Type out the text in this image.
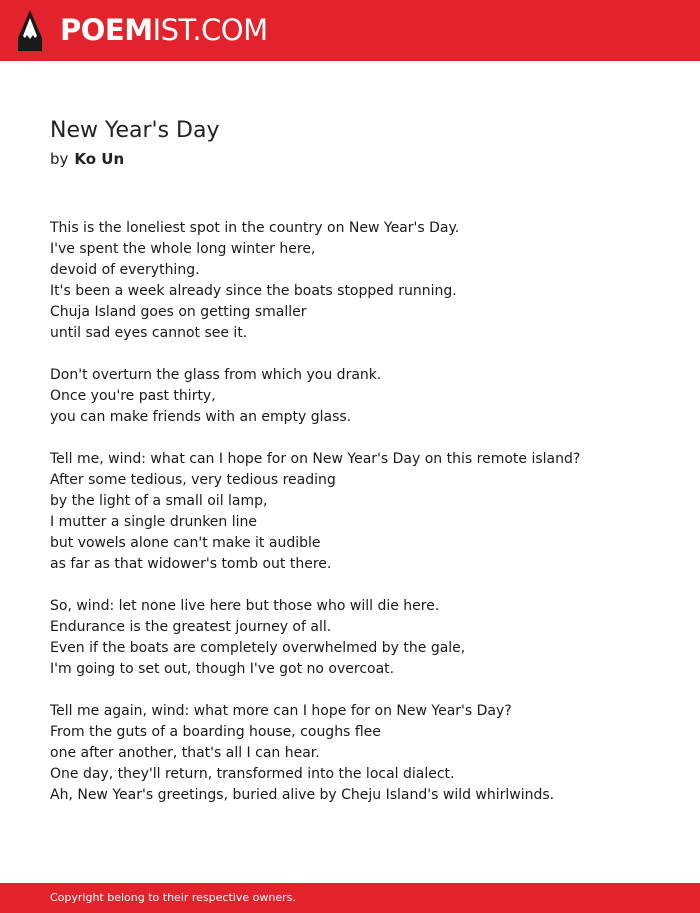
POEMIST.COM
New Year's Day
by Ko Un
This is the loneliest spot in the country on New Year's Day.
I've spent the whole long winter here,
devoid of everything.
It's been a week already since the boats stopped running.
Chuja Island goes on getting smaller
until sad eyes cannot see it.
Don't overturn the glass from which you drank.
Once you're past thirty,
you can make friends with an empty glass.
Tell me, wind: what can I hope for on New Year's Day on this remote island?
After some tedious, very tedious reading
by the light of a small oil lamp,
I mutter a single drunken line
but vowels alone can't make it audible
as far as that widower's tomb out there.
So, wind: let none live here but those who will die here.
Endurance is the greatest journey of all.
Even if the boats are completely overwhelmed by the gale,
I'm going to set out, though I've got no overcoat.
Tell me again, wind: what more can I hope for on New Year's Day?
From the guts of a boarding house, coughs flee
one after another, that's all I can hear.
One day, they'll return, transformed into the local dialect.
Ah, New Year's greetings, buried alive by Cheju Island's wild whirlwinds.
Copyright belong to their respective owners.
